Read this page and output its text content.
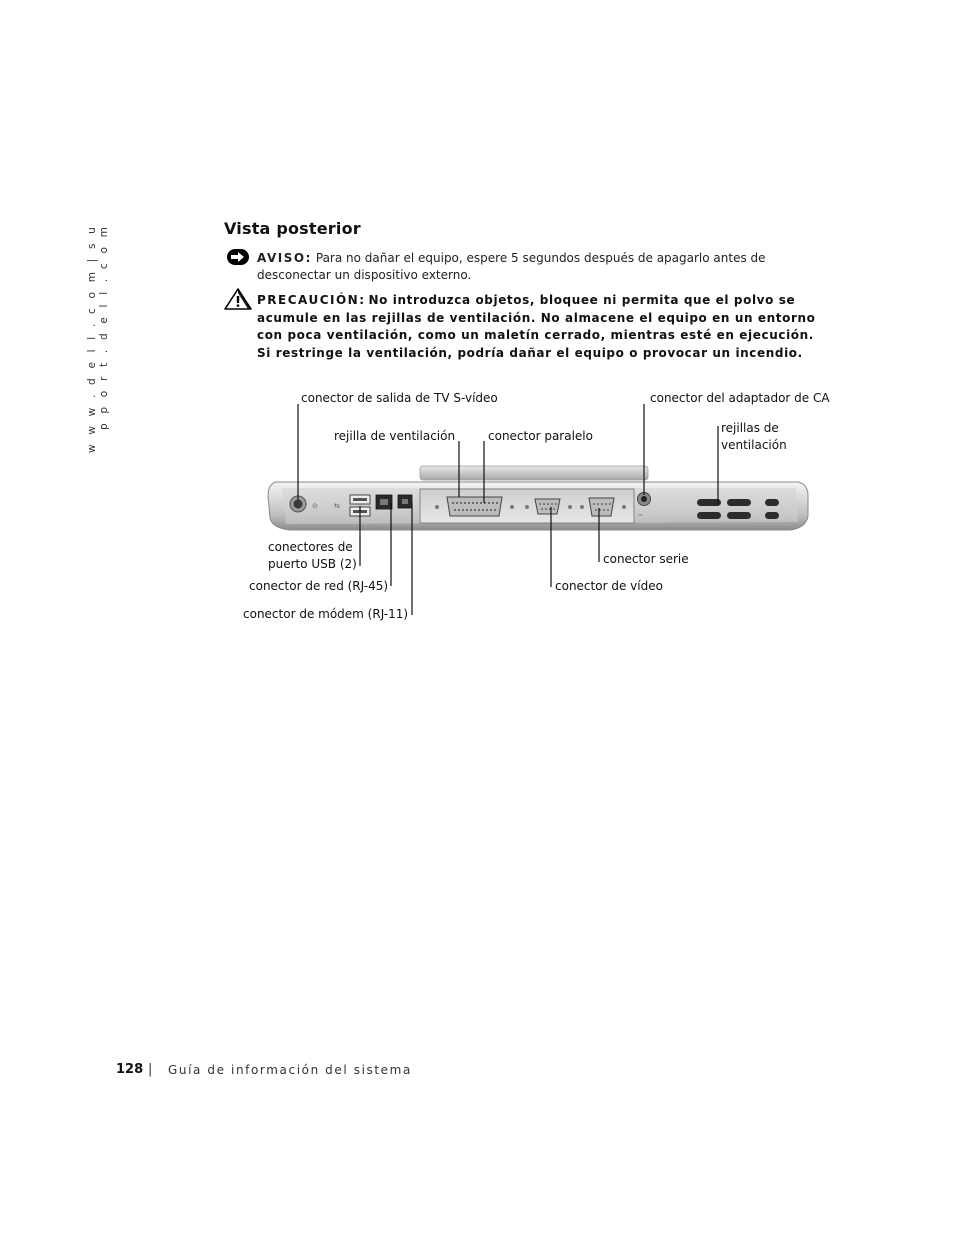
w w w . d e l l . c o m | s u p p o r t . d e l l . c o m	Vista posterior
AVISO: Para no dañar el equipo, espere 5 segundos después de apagarlo antes de desconectar un dispositivo externo.
PRECAUCIÓN: No introduzca objetos, bloquee ni permita que el polvo se acumule en las rejillas de ventilación. No almacene el equipo en un entorno con poca ventilación, como un maletín cerrado, mientras esté en ejecución. Si restringe la ventilación, podría dañar el equipo o provocar un incendio.
⊝ ⇆
⎓
conector de salida de TV S-vídeo
rejilla de ventilación	conector paralelo
conector del adaptador de CA
rejillas de
ventilación
conectores de
puerto USB (2)
conector de red (RJ-45)
conector de módem (RJ-11)
conector serie
conector de vídeo
128 | Guía de información del sistema
